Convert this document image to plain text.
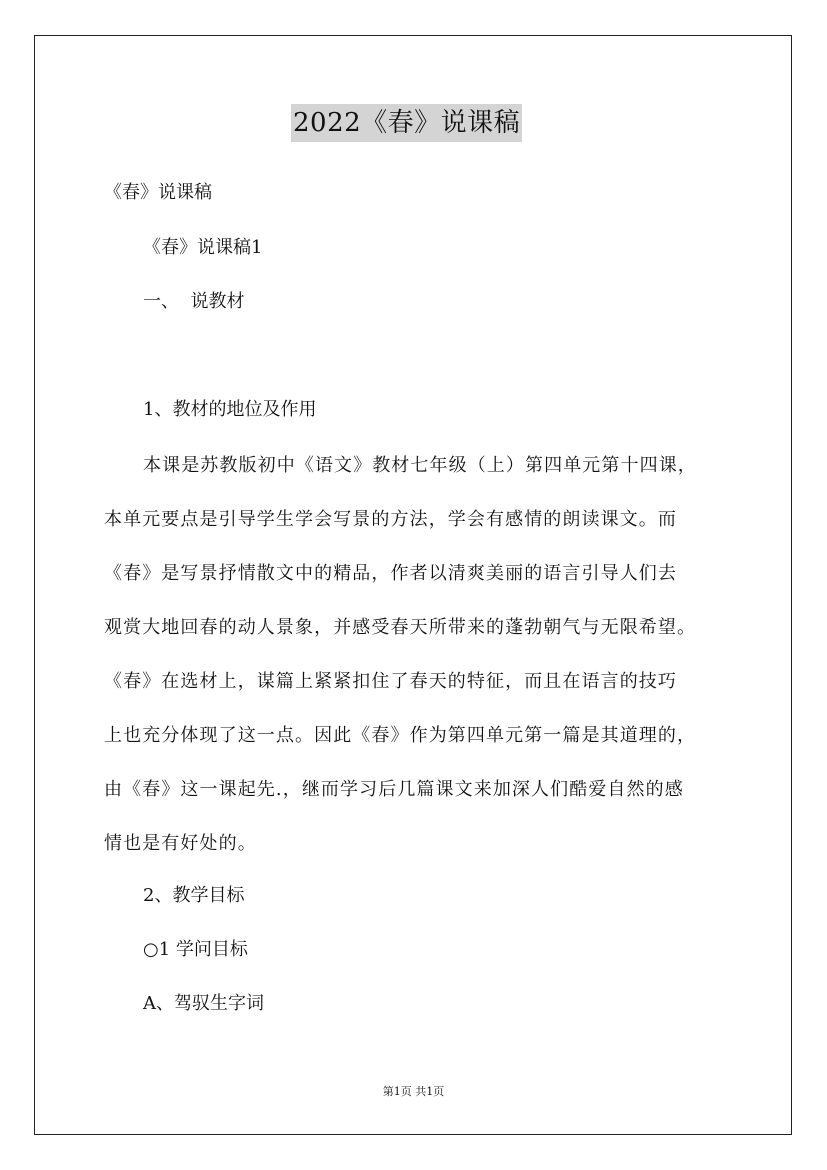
2022《春》说课稿
《春》说课稿
《春》说课稿1
一、  说教材
1、教材的地位及作用
本课是苏教版初中《语文》教材七年级（上）第四单元第十四课，
本单元要点是引导学生学会写景的方法，学会有感情的朗读课文。而
《春》是写景抒情散文中的精品，作者以清爽美丽的语言引导人们去
观赏大地回春的动人景象，并感受春天所带来的蓬勃朝气与无限希望。
《春》在选材上，谋篇上紧紧扣住了春天的特征，而且在语言的技巧
上也充分体现了这一点。因此《春》作为第四单元第一篇是其道理的，
由《春》这一课起先.，继而学习后几篇课文来加深人们酷爱自然的感
情也是有好处的。
2、教学目标
○1 学问目标
A、驾驭生字词
第1页 共1页
